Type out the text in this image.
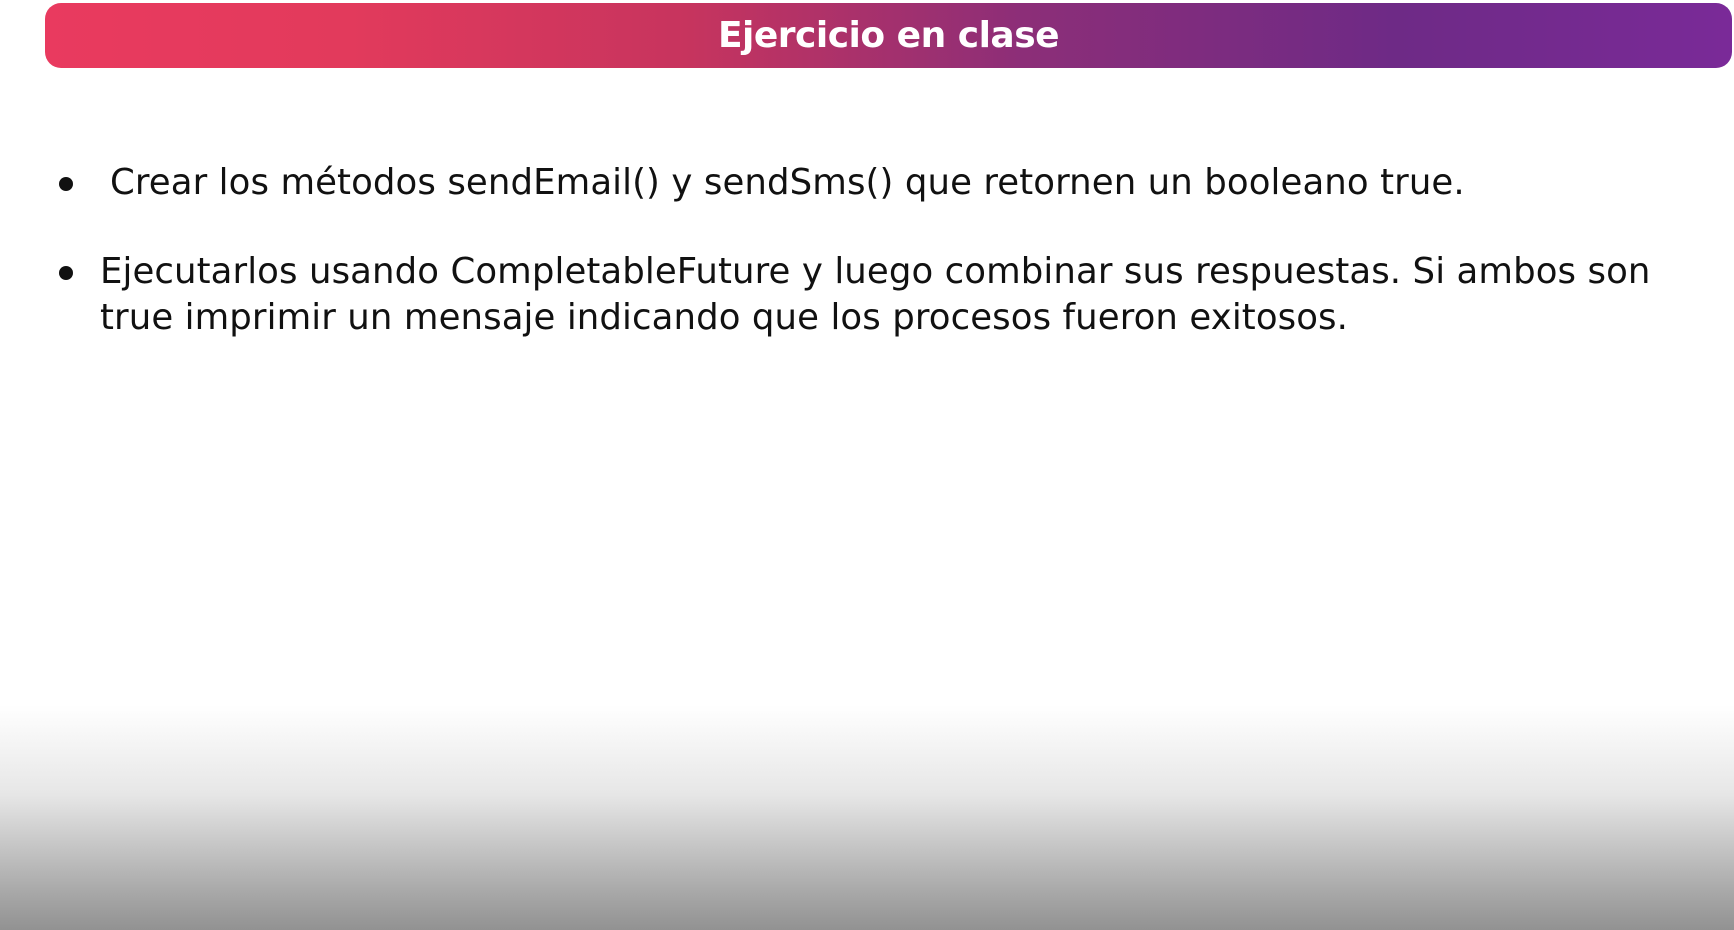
Ejercicio en clase
Crear los métodos sendEmail() y sendSms() que retornen un booleano true.
Ejecutarlos usando CompletableFuture y luego combinar sus respuestas. Si ambos son true imprimir un mensaje indicando que los procesos fueron exitosos.
